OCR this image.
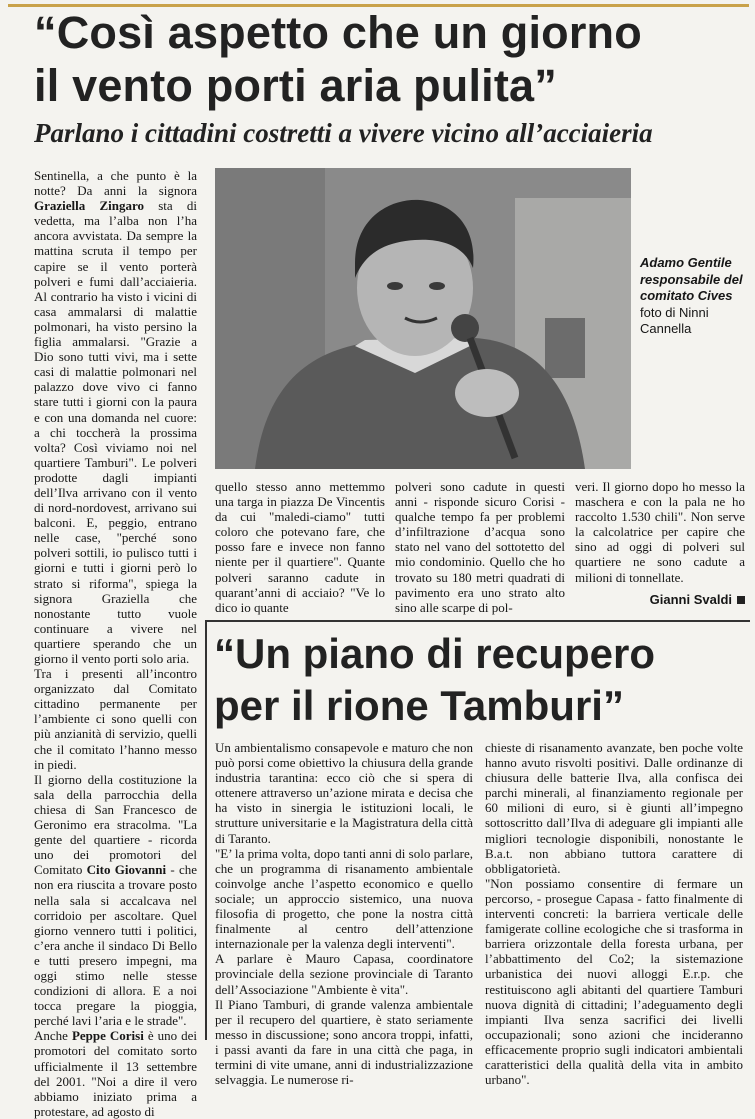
“Così aspetto che un giorno
il vento porti aria pulita”
Parlano i cittadini costretti a vivere vicino all’acciaieria

Sentinella, a che punto è la notte? Da anni la signora Graziella Zingaro sta di vedetta, ma l’alba non l’ha ancora avvistata. Da sempre la mattina scruta il tempo per capire se il vento porterà polveri e fumi dall’acciaieria. Al contrario ha visto i vicini di casa ammalarsi di malattie polmonari, ha visto persino la figlia ammalarsi. "Grazie a Dio sono tutti vivi, ma i sette casi di malattie polmonari nel palazzo dove vivo ci fanno stare tutti i giorni con la paura e con una domanda nel cuore: a chi toccherà la prossima volta? Così viviamo noi nel quartiere Tamburi". Le polveri prodotte dagli impianti dell’Ilva arrivano con il vento di nord-nordovest, arrivano sui balconi. E, peggio, entrano nelle case, "perché sono polveri sottili, io pulisco tutti i giorni e tutti i giorni però lo strato si riforma", spiega la signora Graziella che nonostante tutto vuole continuare a vivere nel quartiere sperando che un giorno il vento porti solo aria.

Tra i presenti all’incontro organizzato dal Comitato cittadino permanente per l’ambiente ci sono quelli con più anzianità di servizio, quelli che il comitato l’hanno messo in piedi.

Il giorno della costituzione la sala della parrocchia della chiesa di San Francesco de Geronimo era stracolma. "La gente del quartiere - ricorda uno dei promotori del Comitato Cito Giovanni - che non era riuscita a trovare posto nella sala si accalcava nel corridoio per ascoltare. Quel giorno vennero tutti i politici, c’era anche il sindaco Di Bello e tutti presero impegni, ma oggi stimo nelle stesse condizioni di allora. E a noi tocca pregare la pioggia, perché lavi l’aria e le strade".

Anche Peppe Corisi è uno dei promotori del comitato sorto ufficialmente il 13 settembre del 2001. "Noi a dire il vero abbiamo iniziato prima a protestare, ad agosto di

Adamo Gentile responsabile del comitato Cives
foto di Ninni Cannella

quello stesso anno mettemmo una targa in piazza De Vincentis da cui "maledi-ciamo" tutti coloro che potevano fare, che posso fare e invece non fanno niente per il quartiere". Quante polveri saranno cadute in quarant’anni di acciaio? "Ve lo dico io quante

polveri sono cadute in questi anni - risponde sicuro Corisi - qualche tempo fa per problemi d’infiltrazione d’acqua sono stato nel vano del sottotetto del mio condominio. Quello che ho trovato su 180 metri quadrati di pavimento era uno strato alto sino alle scarpe di pol-

veri. Il giorno dopo ho messo la maschera e con la pala ne ho raccolto 1.530 chili". Non serve la calcolatrice per capire che sino ad oggi di polveri sul quartiere ne sono cadute a milioni di tonnellate.

Gianni Svaldi
“Un piano di recupero
per il rione Tamburi”

Un ambientalismo consapevole e maturo che non può porsi come obiettivo la chiusura della grande industria tarantina: ecco ciò che si spera di ottenere attraverso un’azione mirata e decisa che ha visto in sinergia le istituzioni locali, le strutture universitarie e la Magistratura della città di Taranto.

"E’ la prima volta, dopo tanti anni di solo parlare, che un programma di risanamento ambientale coinvolge anche l’aspetto economico e quello sociale; un approccio sistemico, una nuova filosofia di progetto, che pone la nostra città finalmente al centro dell’attenzione internazionale per la valenza degli interventi".

A parlare è Mauro Capasa, coordinatore provinciale della sezione provinciale di Taranto dell’Associazione "Ambiente è vita".

Il Piano Tamburi, di grande valenza ambientale per il recupero del quartiere, è stato seriamente messo in discussione; sono ancora troppi, infatti, i passi avanti da fare in una città che paga, in termini di vite umane, anni di industrializzazione selvaggia. Le numerose ri-

chieste di risanamento avanzate, ben poche volte hanno avuto risvolti positivi. Dalle ordinanze di chiusura delle batterie Ilva, alla confisca dei parchi minerali, al finanziamento regionale per 60 milioni di euro, si è giunti all’impegno sottoscritto dall’Ilva di adeguare gli impianti alle migliori tecnologie disponibili, nonostante le B.a.t. non abbiano tuttora carattere di obbligatorietà.

"Non possiamo consentire di fermare un percorso, - prosegue Capasa - fatto finalmente di interventi concreti: la barriera verticale delle famigerate colline ecologiche che si trasforma in barriera orizzontale della foresta urbana, per l’abbattimento del Co2; la sistemazione urbanistica dei nuovi alloggi E.r.p. che restituiscono agli abitanti del quartiere Tamburi nuova dignità di cittadini; l’adeguamento degli impianti Ilva senza sacrifici dei livelli occupazionali; sono azioni che incideranno efficacemente proprio sugli indicatori ambientali caratteristici della qualità della vita in ambito urbano".
